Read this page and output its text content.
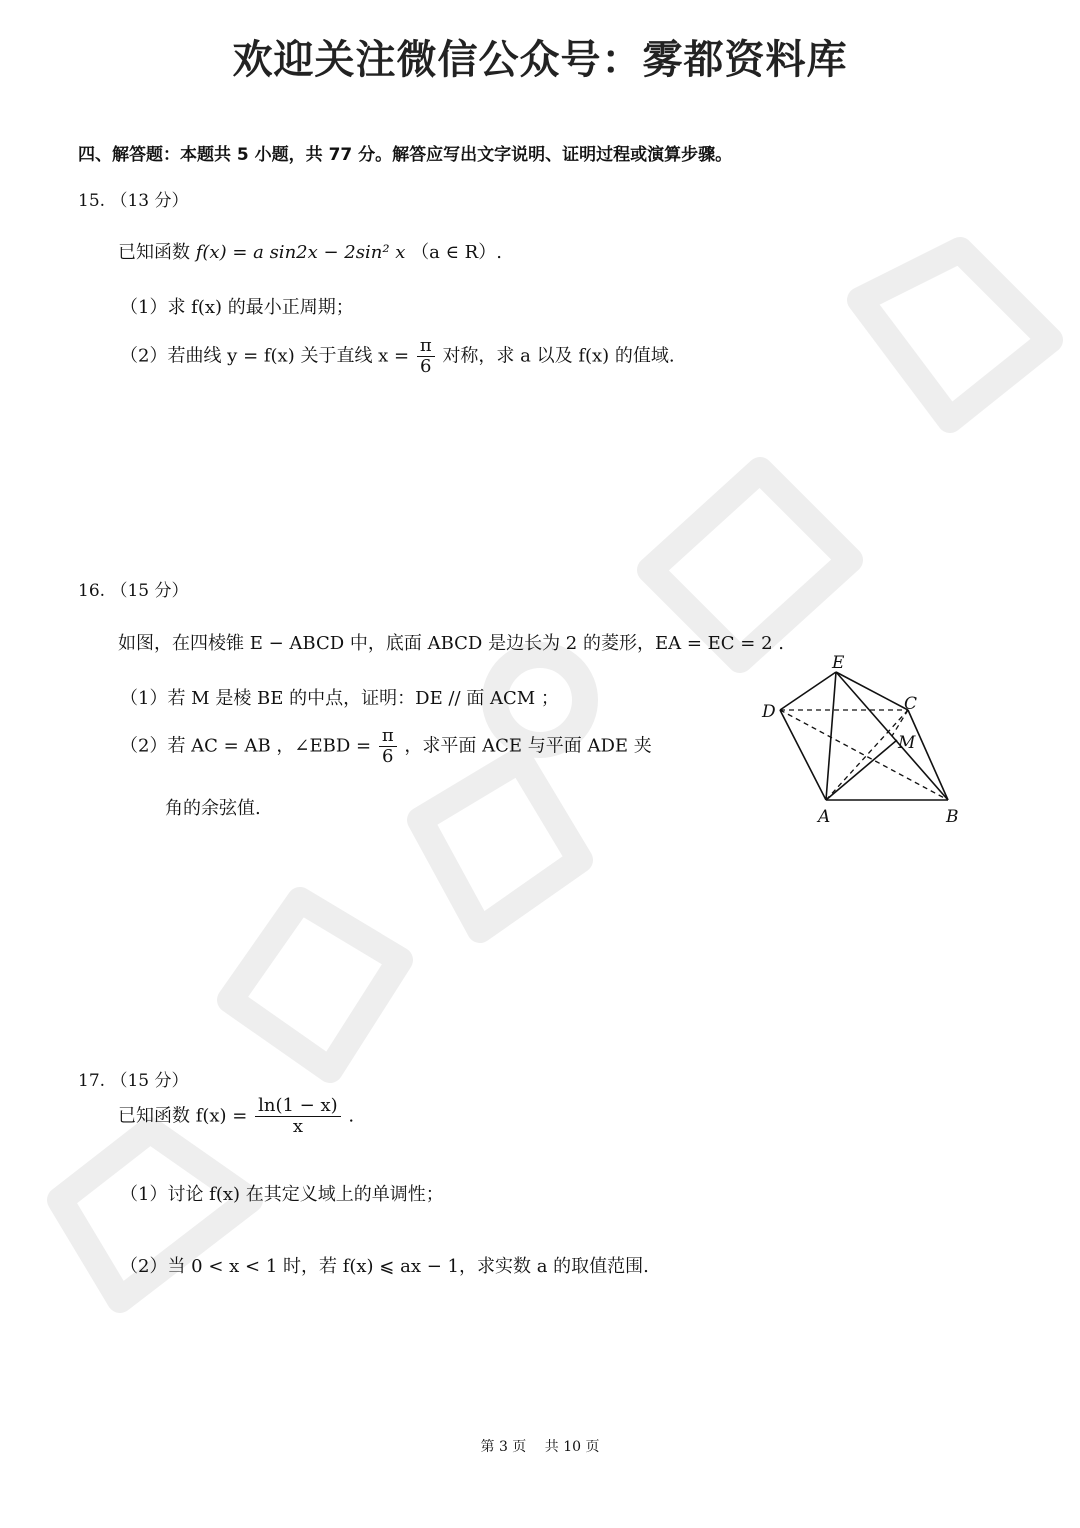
欢迎关注微信公众号：雾都资料库
四、解答题：本题共 5 小题，共 77 分。解答应写出文字说明、证明过程或演算步骤。
15. （13 分）
已知函数 f(x) = a sin2x − 2sin² x （a ∈ R）.
（1）求 f(x) 的最小正周期；
（2）若曲线 y = f(x) 关于直线 $x = \frac{\pi}{6}$ 对称，求 a 以及 f(x) 的值域.
16. （15 分）
如图，在四棱锥 E − ABCD 中，底面 ABCD 是边长为 2 的菱形，EA = EC = 2 .
（1）若 M 是棱 BE 的中点，证明：DE // 面 ACM ；
（2）若 AC = AB ，∠EBD = $\frac{\pi}{6}$ ，求平面 ACE 与平面 ADE 夹
角的余弦值.
E
D	C
M
A	B
17. （15 分）
已知函数 $f(x) = \frac{\ln(1 - x)}{x}$ .
（1）讨论 f(x) 在其定义域上的单调性；
（2）当 0 < x < 1 时，若 f(x) ⩽ ax − 1，求实数 a 的取值范围.
第 3 页　 共 10 页
